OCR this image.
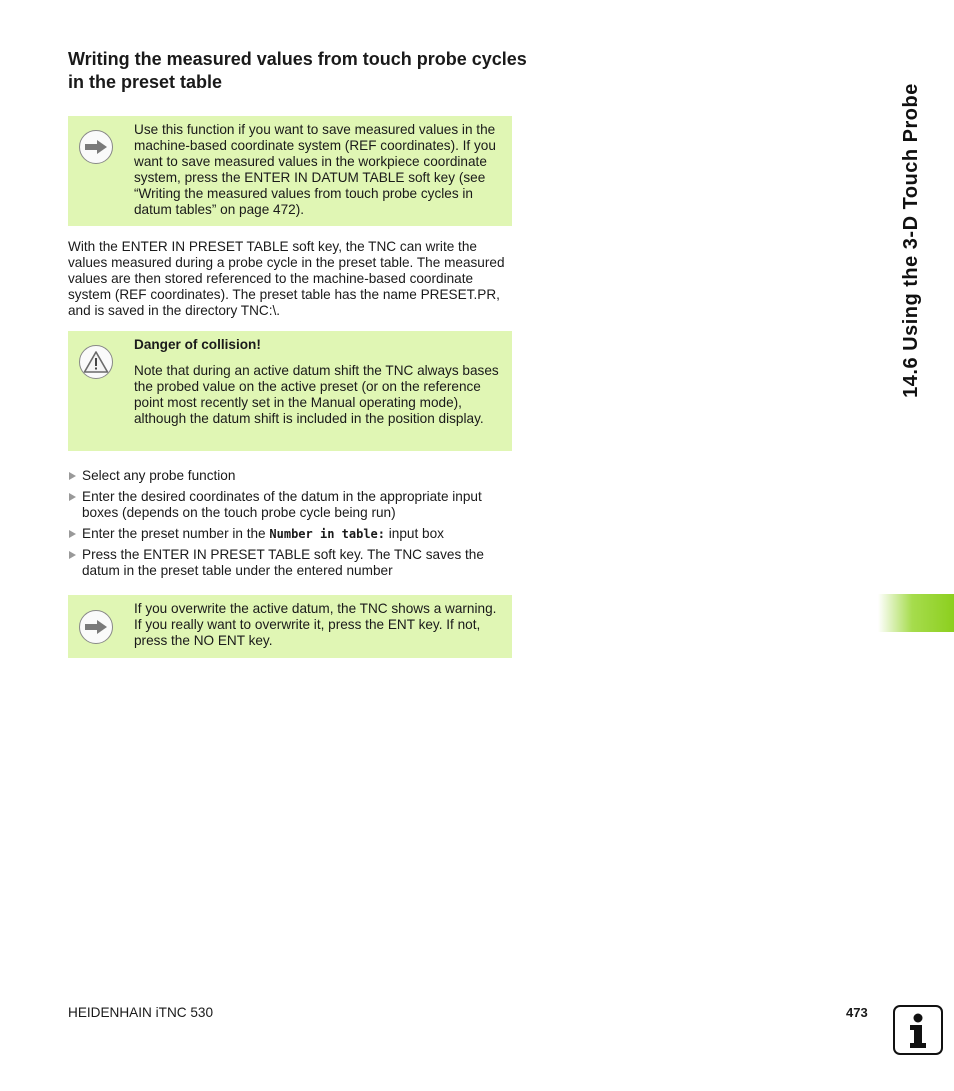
Writing the measured values from touch probe cycles in the preset table

Use this function if you want to save measured values in the machine-based coordinate system (REF coordinates). If you want to save measured values in the workpiece coordinate system, press the ENTER IN DATUM TABLE soft key (see “Writing the measured values from touch probe cycles in datum tables” on page 472).

With the ENTER IN PRESET TABLE soft key, the TNC can write the values measured during a probe cycle in the preset table. The measured values are then stored referenced to the machine-based coordinate system (REF coordinates). The preset table has the name PRESET.PR, and is saved in the directory TNC:\.

Danger of collision!

Note that during an active datum shift the TNC always bases the probed value on the active preset (or on the reference point most recently set in the Manual operating mode), although the datum shift is included in the position display.

Select any probe function
Enter the desired coordinates of the datum in the appropriate input boxes (depends on the touch probe cycle being run)
Enter the preset number in the Number in table: input box
Press the ENTER IN PRESET TABLE soft key. The TNC saves the datum in the preset table under the entered number

If you overwrite the active datum, the TNC shows a warning. If you really want to overwrite it, press the ENT key. If not, press the NO ENT key.

14.6 Using the 3-D Touch Probe
HEIDENHAIN iTNC 530	473
